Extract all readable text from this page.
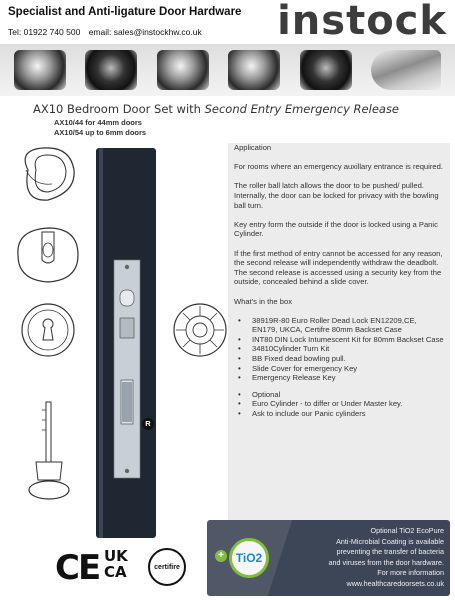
Specialist and Anti-ligature Door Hardware
Tel: 01922 740 500 email: sales@instockhw.co.uk instock
AX10 Bedroom Door Set with Second Entry Emergency Release
AX10/44 for 44mm doors
AX10/54 up to 6mm doors

Application

For rooms where an emergency auxillary entrance is required.

The roller ball latch allows the door to be pushed/ pulled. Internally, the door can be locked for privacy with the bowling ball turn.

Key entry form the outside if the door is locked using a Panic Cylinder.

If the first method of entry cannot be accessed for any reason, the second release will independently withdraw the deadbolt. The second release is accessed using a security key from the outside, concealed behind a slide cover.

What's in the box

• 38919R-80 Euro Roller Dead Lock EN12209,CE, EN179, UKCA, Certifre 80mm Backset Case
• INT80 DIN Lock Intumescent Kit for 80mm Backset Case
• 34810Cylinder Turn Kit
• BB Fixed dead bowling pull.
• Slide Cover for emergency Key
• Emergency Release Key
• Optional
• Euro Cylinder - to differ or Under Master key.
• Ask to include our Panic cylinders
R
+ TiO2
Optional TiO2 EcoPure
Anti-Microbial Coating is available
preventing the transfer of bacteria
and viruses from the door hardware.
For more information
www.healthcaredoorsets.co.uk
CE UK CA	certifire
